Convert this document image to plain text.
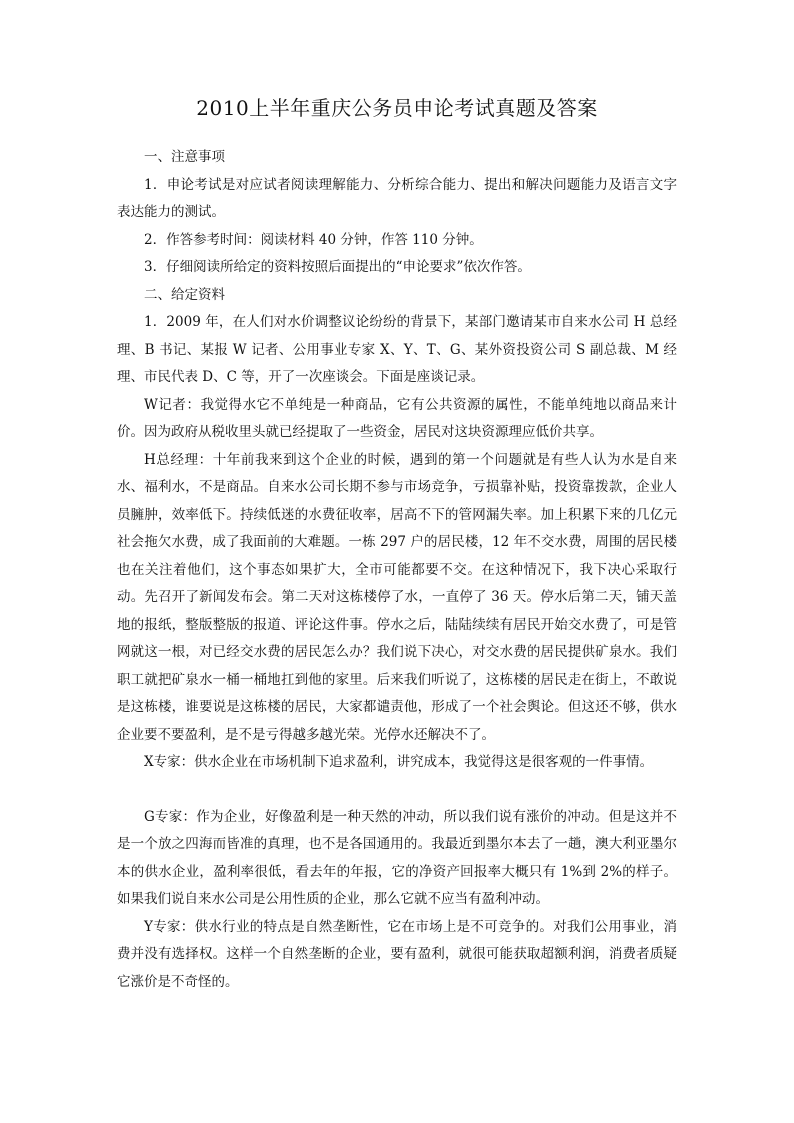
2010上半年重庆公务员申论考试真题及答案

一、注意事项

1．申论考试是对应试者阅读理解能力、分析综合能力、提出和解决问题能力及语言文字表达能力的测试。

2．作答参考时间：阅读材料 40 分钟，作答 110 分钟。

3．仔细阅读所给定的资料按照后面提出的“申论要求”依次作答。

二、给定资料

1．2009 年，在人们对水价调整议论纷纷的背景下，某部门邀请某市自来水公司 H 总经理、B 书记、某报 W 记者、公用事业专家 X、Y、T、G、某外资投资公司 S 副总裁、M 经理、市民代表 D、C 等，开了一次座谈会。下面是座谈记录。

W记者：我觉得水它不单纯是一种商品，它有公共资源的属性，不能单纯地以商品来计价。因为政府从税收里头就已经提取了一些资金，居民对这块资源理应低价共享。

H总经理：十年前我来到这个企业的时候，遇到的第一个问题就是有些人认为水是自来水、福利水，不是商品。自来水公司长期不参与市场竞争，亏损靠补贴，投资靠拨款，企业人员臃肿，效率低下。持续低迷的水费征收率，居高不下的管网漏失率。加上积累下来的几亿元社会拖欠水费，成了我面前的大难题。一栋 297 户的居民楼，12 年不交水费，周围的居民楼也在关注着他们，这个事态如果扩大，全市可能都要不交。在这种情况下，我下决心采取行动。先召开了新闻发布会。第二天对这栋楼停了水，一直停了 36 天。停水后第二天，铺天盖地的报纸，整版整版的报道、评论这件事。停水之后，陆陆续续有居民开始交水费了，可是管网就这一根，对已经交水费的居民怎么办？我们说下决心，对交水费的居民提供矿泉水。我们职工就把矿泉水一桶一桶地扛到他的家里。后来我们听说了，这栋楼的居民走在街上，不敢说是这栋楼，谁要说是这栋楼的居民，大家都谴责他，形成了一个社会舆论。但这还不够，供水企业要不要盈利，是不是亏得越多越光荣。光停水还解决不了。

X专家：供水企业在市场机制下追求盈利，讲究成本，我觉得这是很客观的一件事情。

G专家：作为企业，好像盈利是一种天然的冲动，所以我们说有涨价的冲动。但是这并不是一个放之四海而皆准的真理，也不是各国通用的。我最近到墨尔本去了一趟，澳大利亚墨尔本的供水企业，盈利率很低，看去年的年报，它的净资产回报率大概只有 1%到 2%的样子。如果我们说自来水公司是公用性质的企业，那么它就不应当有盈利冲动。

Y专家：供水行业的特点是自然垄断性，它在市场上是不可竞争的。对我们公用事业，消费并没有选择权。这样一个自然垄断的企业，要有盈利，就很可能获取超额利润，消费者质疑它涨价是不奇怪的。
